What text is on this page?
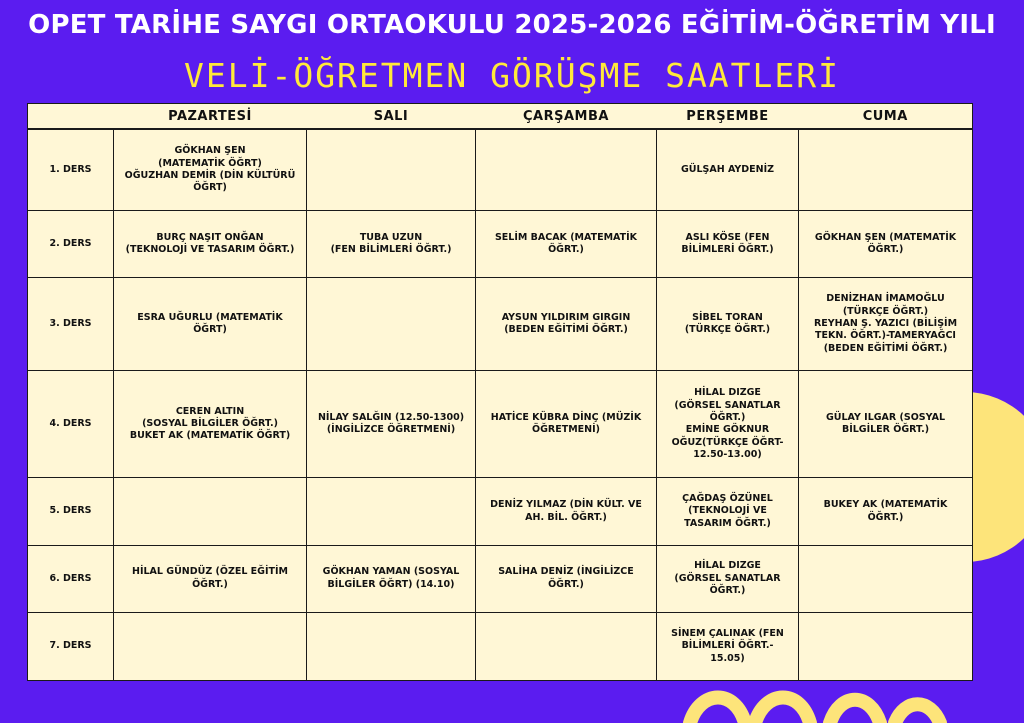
OPET TARİHE SAYGI ORTAOKULU 2025-2026 EĞİTİM-ÖĞRETİM YILI
VELİ-ÖĞRETMEN GÖRÜŞME SAATLERİ
	PAZARTESİ	SALI	ÇARŞAMBA	PERŞEMBE	CUMA
1. DERS	GÖKHAN ŞEN
(MATEMATİK ÖĞRT)
OĞUZHAN DEMİR (DİN KÜLTÜRÜ ÖĞRT)			GÜLŞAH AYDENİZ	
2. DERS	BURÇ NAŞIT ONĞAN
(TEKNOLOJİ VE TASARIM ÖĞRT.)	TUBA UZUN
(FEN BİLİMLERİ ÖĞRT.)	SELİM BACAK (MATEMATİK ÖĞRT.)	ASLI KÖSE (FEN BİLİMLERİ ÖĞRT.)	GÖKHAN ŞEN (MATEMATİK ÖĞRT.)
3. DERS	ESRA UĞURLU (MATEMATİK ÖĞRT)		AYSUN YILDIRIM GIRGIN (BEDEN EĞİTİMİ ÖĞRT.)	SİBEL TORAN
(TÜRKÇE ÖĞRT.)	DENİZHAN İMAMOĞLU
(TÜRKÇE ÖĞRT.)
REYHAN Ş. YAZICI (BİLİŞİM TEKN. ÖĞRT.)-TAMERYAĞCI (BEDEN EĞİTİMİ ÖĞRT.)
4. DERS	CEREN ALTIN
(SOSYAL BİLGİLER ÖĞRT.)
BUKET AK (MATEMATİK ÖĞRT)	NİLAY SALĞIN (12.50-1300)
(İNGİLİZCE ÖĞRETMENİ)	HATİCE KÜBRA DİNÇ (MÜZİK ÖĞRETMENİ)	HİLAL DIZGE
(GÖRSEL SANATLAR ÖĞRT.)
EMİNE GÖKNUR OĞUZ(TÜRKÇE ÖĞRT-12.50-13.00)	GÜLAY ILGAR (SOSYAL BİLGİLER ÖĞRT.)
5. DERS			DENİZ YILMAZ (DİN KÜLT. VE AH. BİL. ÖĞRT.)	ÇAĞDAŞ ÖZÜNEL
(TEKNOLOJİ VE TASARIM ÖĞRT.)	BUKEY AK (MATEMATİK ÖĞRT.)
6. DERS	HİLAL GÜNDÜZ (ÖZEL EĞİTİM ÖĞRT.)	GÖKHAN YAMAN (SOSYAL BİLGİLER ÖĞRT) (14.10)	SALİHA DENİZ (İNGİLİZCE ÖĞRT.)	HİLAL DIZGE
(GÖRSEL SANATLAR ÖĞRT.)	
7. DERS				SİNEM ÇALINAK (FEN BİLİMLERİ ÖĞRT.-
15.05)	
